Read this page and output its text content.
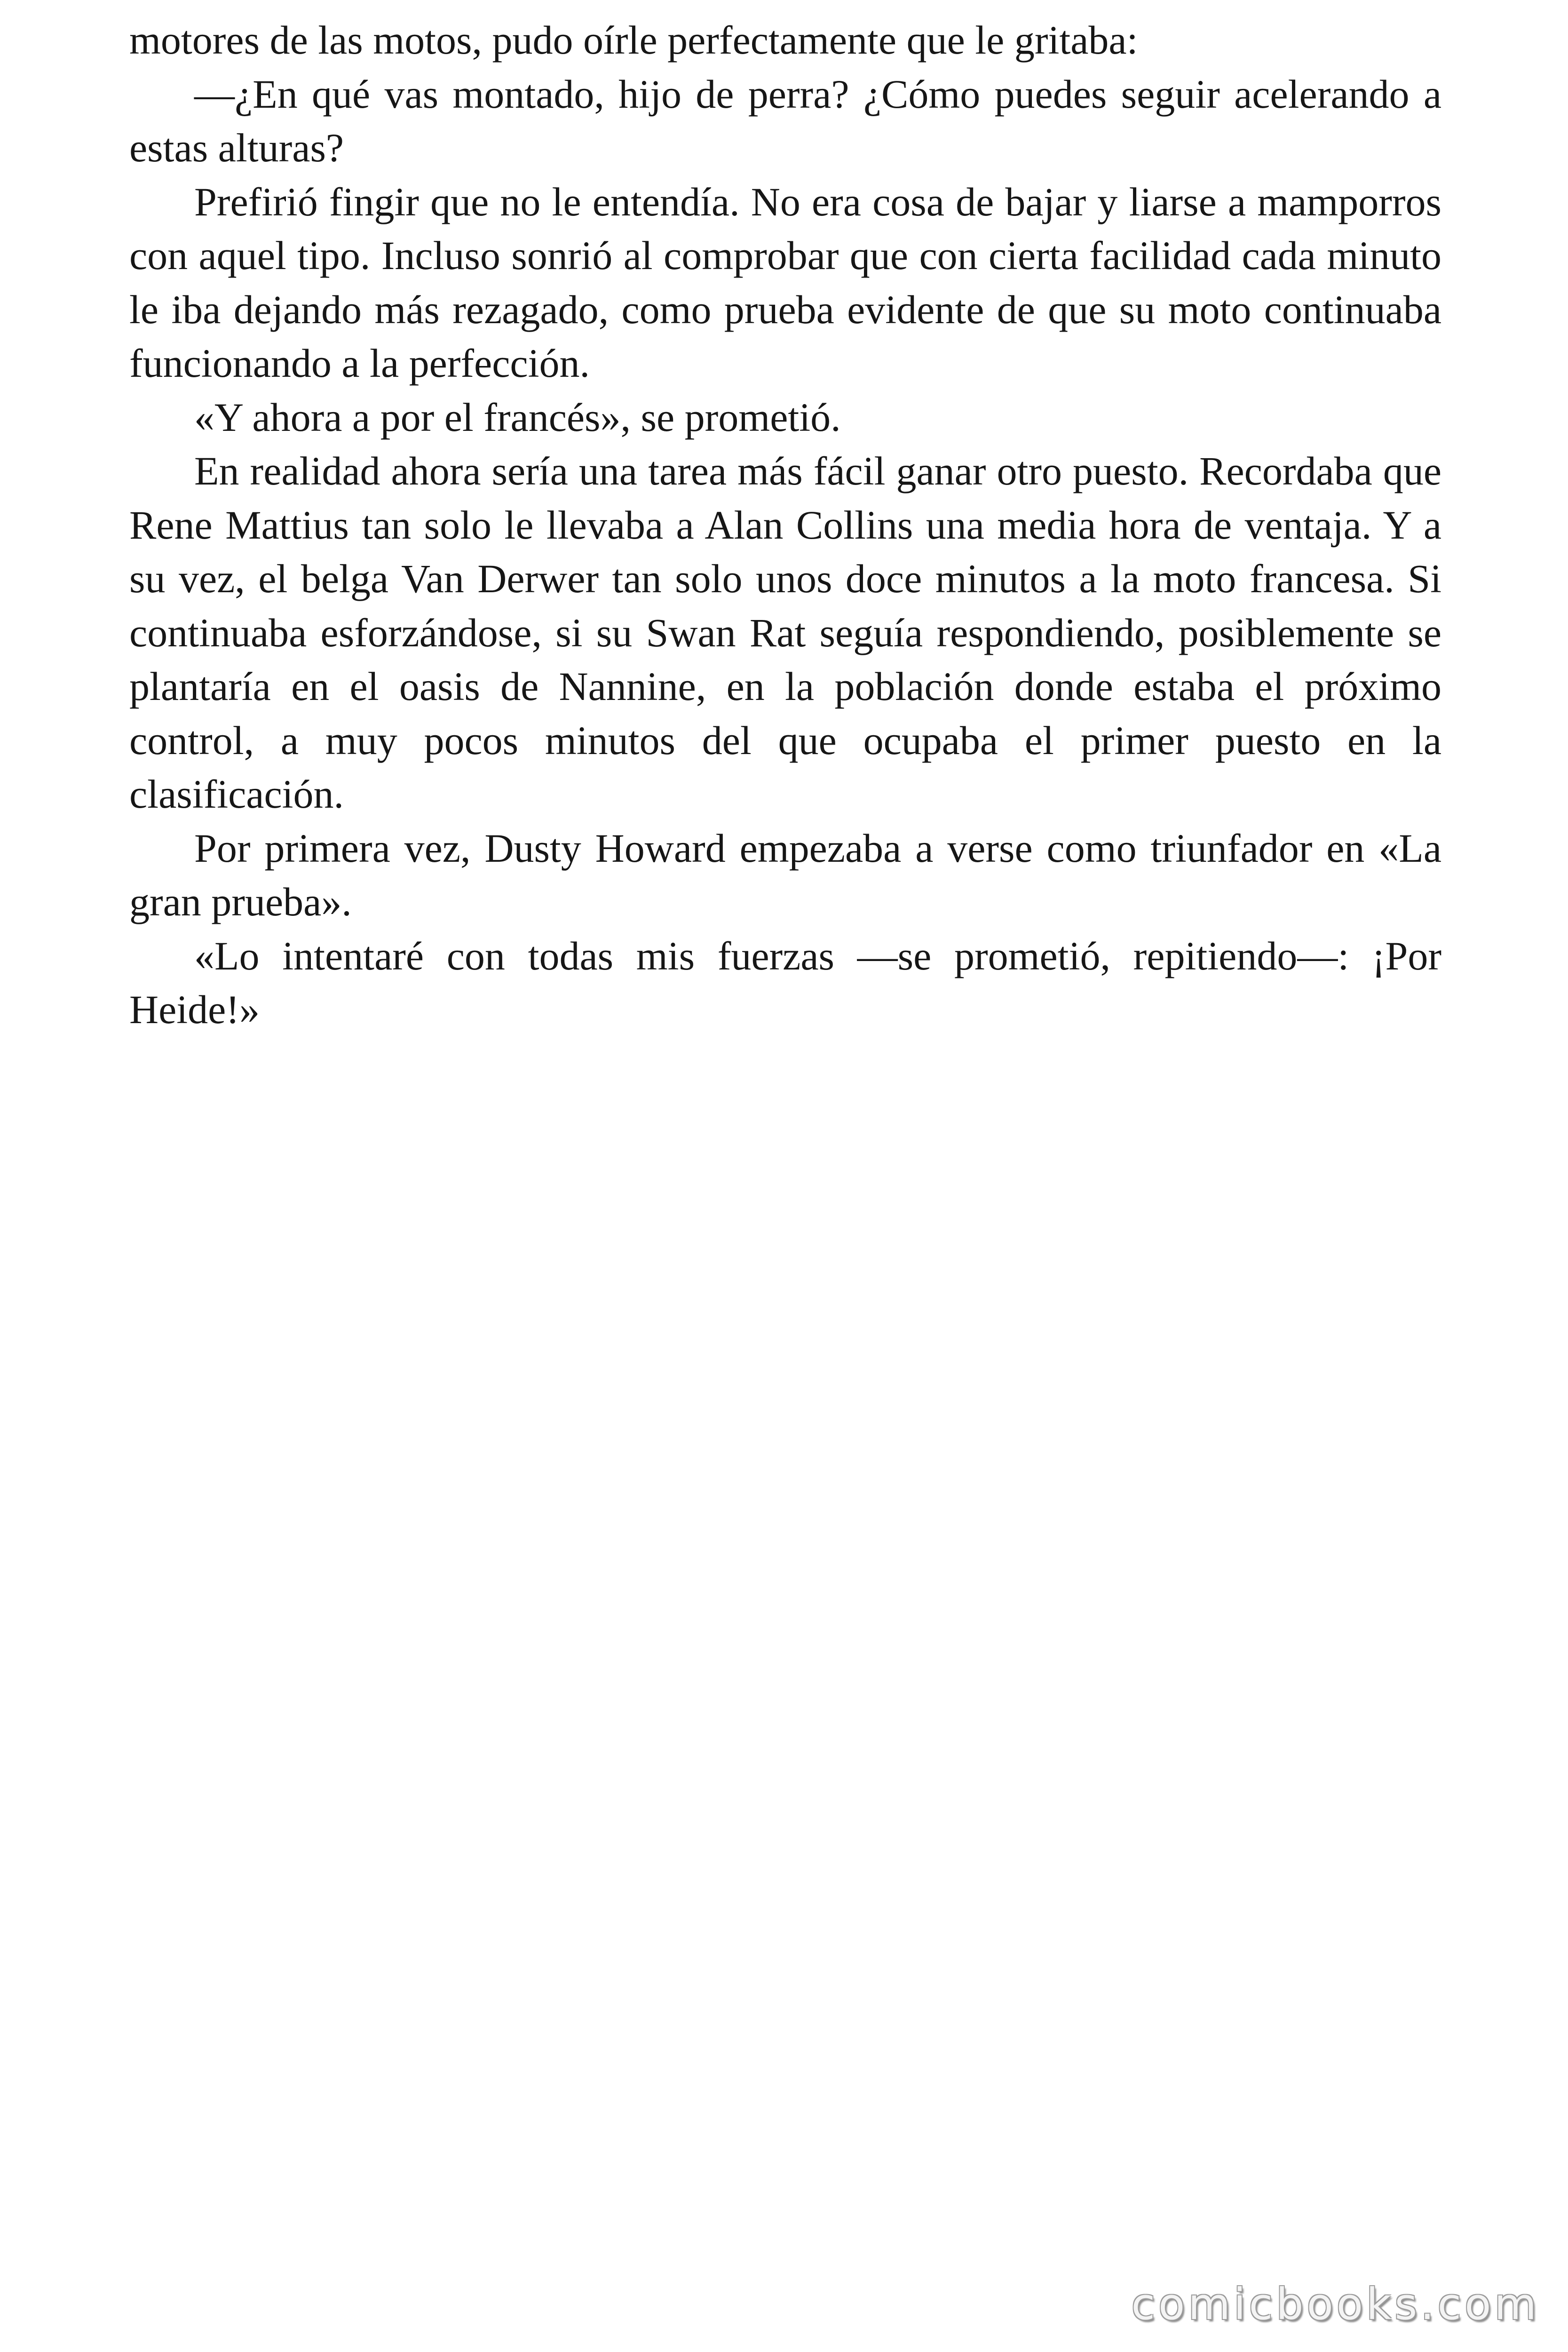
motores de las motos, pudo oírle perfectamente que le gritaba:

—¿En qué vas montado, hijo de perra? ¿Cómo puedes seguir acelerando a estas alturas?

Prefirió fingir que no le entendía. No era cosa de bajar y liarse a mamporros con aquel tipo. Incluso sonrió al comprobar que con cierta facilidad cada minuto le iba dejando más rezagado, como prueba evidente de que su moto continuaba funcionando a la perfección.

«Y ahora a por el francés», se prometió.

En realidad ahora sería una tarea más fácil ganar otro puesto. Recordaba que Rene Mattius tan solo le llevaba a Alan Collins una media hora de ventaja. Y a su vez, el belga Van Derwer tan solo unos doce minutos a la moto francesa. Si continuaba esforzándose, si su Swan Rat seguía respondiendo, posiblemente se plantaría en el oasis de Nannine, en la población donde estaba el próximo control, a muy pocos minutos del que ocupaba el primer puesto en la clasificación.

Por primera vez, Dusty Howard empezaba a verse como triunfador en «La gran prueba».

«Lo intentaré con todas mis fuerzas —se prometió, repitiendo—: ¡Por Heide!»

comicbooks.com
